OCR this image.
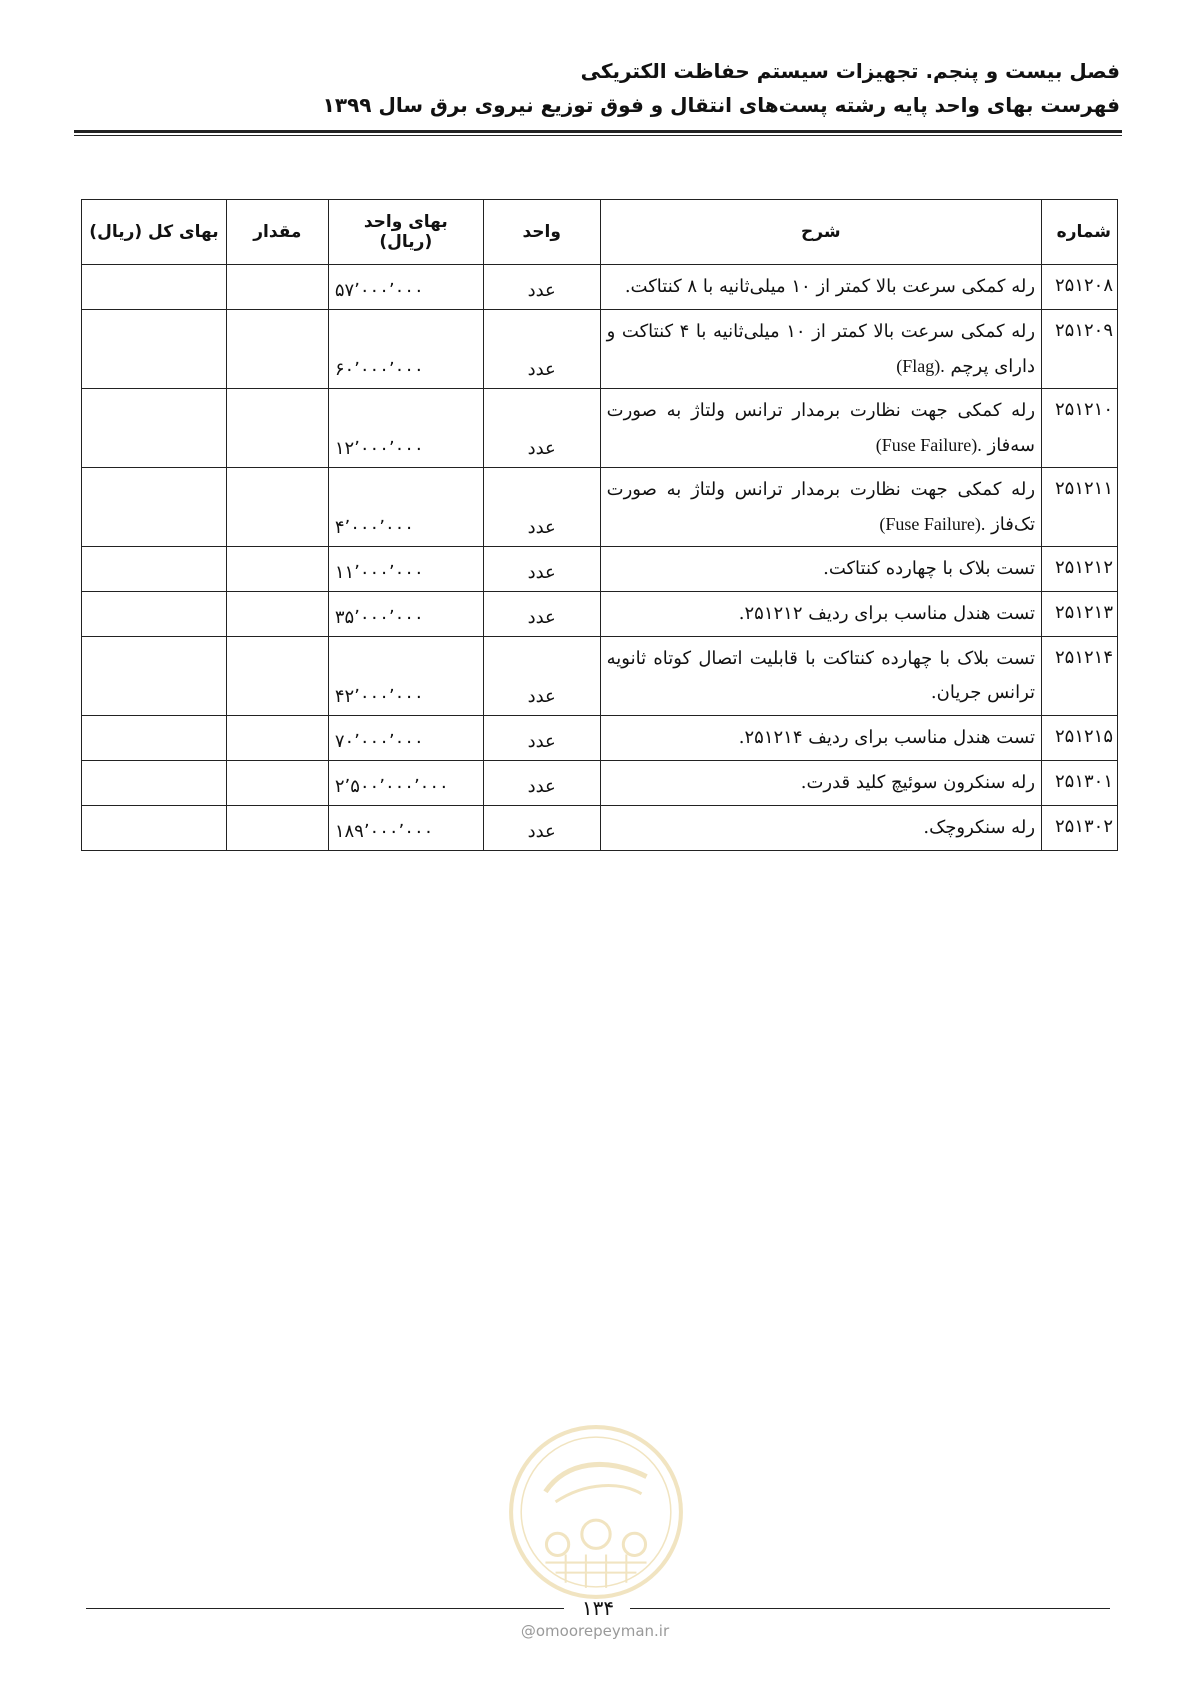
فصل بیست و پنجم. تجهیزات سیستم حفاظت الکتریکی
فهرست بهای واحد پایه رشته پست‌های انتقال و فوق توزیع نیروی برق سال ۱۳۹۹
شماره	شرح	واحد	بهای واحد (ریال)	مقدار	بهای کل (ریال)
۲۵۱۲۰۸	رله کمکی سرعت بالا کمتر از ۱۰ میلی‌ثانیه با ۸ کنتاکت.	عدد	۵۷٬۰۰۰٬۰۰۰		
۲۵۱۲۰۹	رله کمکی سرعت بالا کمتر از ۱۰ میلی‌ثانیه با ۴ کنتاکت و دارای پرچم (Flag).	عدد	۶۰٬۰۰۰٬۰۰۰		
۲۵۱۲۱۰	رله کمکی جهت نظارت برمدار ترانس ولتاژ به صورت سه‌فاز (Fuse Failure).	عدد	۱۲٬۰۰۰٬۰۰۰		
۲۵۱۲۱۱	رله کمکی جهت نظارت برمدار ترانس ولتاژ به صورت تک‌فاز (Fuse Failure).	عدد	۴٬۰۰۰٬۰۰۰		
۲۵۱۲۱۲	تست بلاک با چهارده کنتاکت.	عدد	۱۱٬۰۰۰٬۰۰۰		
۲۵۱۲۱۳	تست هندل مناسب برای ردیف ۲۵۱۲۱۲.	عدد	۳۵٬۰۰۰٬۰۰۰		
۲۵۱۲۱۴	تست بلاک با چهارده کنتاکت با قابلیت اتصال کوتاه ثانویه ترانس جریان.	عدد	۴۲٬۰۰۰٬۰۰۰		
۲۵۱۲۱۵	تست هندل مناسب برای ردیف ۲۵۱۲۱۴.	عدد	۷۰٬۰۰۰٬۰۰۰		
۲۵۱۳۰۱	رله سنکرون سوئیچ کلید قدرت.	عدد	۲٬۵۰۰٬۰۰۰٬۰۰۰		
۲۵۱۳۰۲	رله سنکروچک.	عدد	۱۸۹٬۰۰۰٬۰۰۰		
۱۳۴
@omoorepeyman.ir
